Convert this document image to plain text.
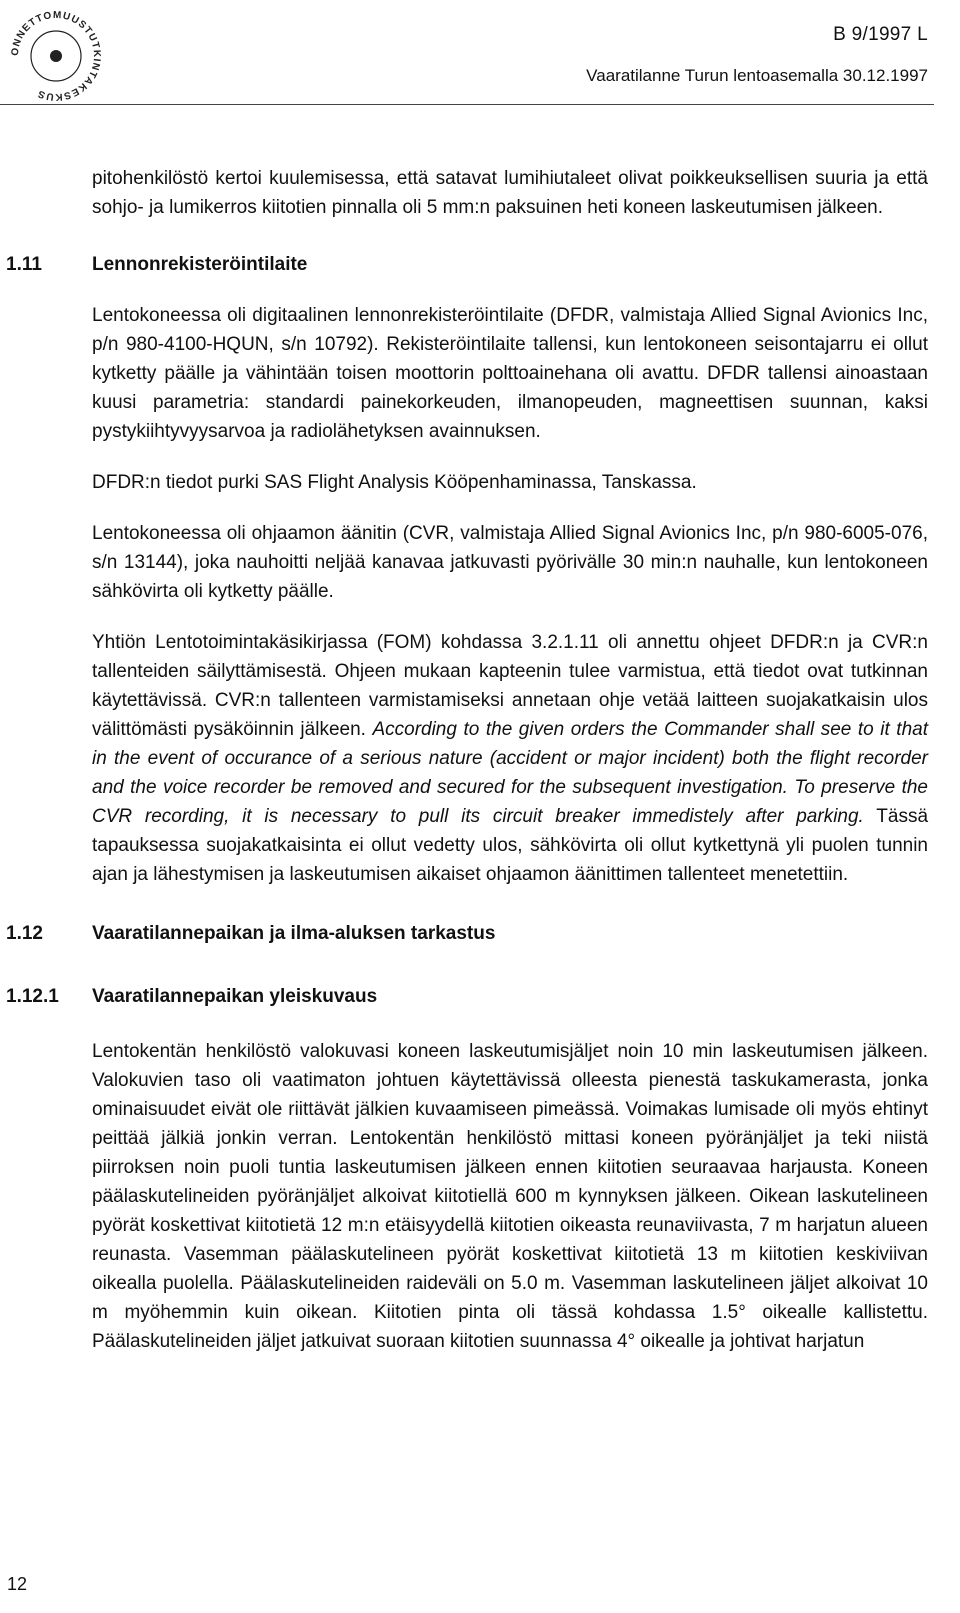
ONNETTOMUUSTUTKINTAKESKUS
B 9/1997 L
Vaaratilanne Turun lentoasemalla 30.12.1997

pitohenkilöstö kertoi kuulemisessa, että satavat lumihiutaleet olivat poikkeuksellisen suuria ja että sohjo- ja lumikerros kiitotien pinnalla oli 5 mm:n paksuinen heti koneen laskeutumisen jälkeen.

1.11	Lennonrekisteröintilaite

Lentokoneessa oli digitaalinen lennonrekisteröintilaite (DFDR, valmistaja Allied Signal Avionics Inc, p/n 980-4100-HQUN, s/n 10792). Rekisteröintilaite tallensi, kun lentokoneen seisontajarru ei ollut kytketty päälle ja vähintään toisen moottorin polttoainehana oli avattu. DFDR tallensi ainoastaan kuusi parametria: standardi painekorkeuden, ilmanopeuden, magneettisen suunnan, kaksi pystykiihtyvyysarvoa ja radiolähetyksen avainnuksen.

DFDR:n tiedot purki SAS Flight Analysis Kööpenhaminassa, Tanskassa.

Lentokoneessa oli ohjaamon äänitin (CVR, valmistaja Allied Signal Avionics Inc, p/n 980-6005-076, s/n 13144), joka nauhoitti neljää kanavaa jatkuvasti pyörivälle 30 min:n nauhalle, kun lentokoneen sähkövirta oli kytketty päälle.

Yhtiön Lentotoimintakäsikirjassa (FOM) kohdassa 3.2.1.11 oli annettu ohjeet DFDR:n ja CVR:n tallenteiden säilyttämisestä. Ohjeen mukaan kapteenin tulee varmistua, että tiedot ovat tutkinnan käytettävissä. CVR:n tallenteen varmistamiseksi annetaan ohje vetää laitteen suojakatkaisin ulos välittömästi pysäköinnin jälkeen. According to the given orders the Commander shall see to it that in the event of occurance of a serious nature (accident or major incident) both the flight recorder and the voice recorder be removed and secured for the subsequent investigation. To preserve the CVR recording, it is necessary to pull its circuit breaker immedistely after parking. Tässä tapauksessa suojakatkaisinta ei ollut vedetty ulos, sähkövirta oli ollut kytkettynä yli puolen tunnin ajan ja lähestymisen ja laskeutumisen aikaiset ohjaamon äänittimen tallenteet menetettiin.

1.12	Vaaratilannepaikan ja ilma-aluksen tarkastus
1.12.1 Vaaratilannepaikan yleiskuvaus

Lentokentän henkilöstö valokuvasi koneen laskeutumisjäljet noin 10 min laskeutumisen jälkeen. Valokuvien taso oli vaatimaton johtuen käytettävissä olleesta pienestä taskukamerasta, jonka ominaisuudet eivät ole riittävät jälkien kuvaamiseen pimeässä. Voimakas lumisade oli myös ehtinyt peittää jälkiä jonkin verran. Lentokentän henkilöstö mittasi koneen pyöränjäljet ja teki niistä piirroksen noin puoli tuntia laskeutumisen jälkeen ennen kiitotien seuraavaa harjausta. Koneen päälaskutelineiden pyöränjäljet alkoivat kiitotiellä 600 m kynnyksen jälkeen. Oikean laskutelineen pyörät koskettivat kiitotietä 12 m:n etäisyydellä kiitotien oikeasta reunaviivasta, 7 m harjatun alueen reunasta. Vasemman päälaskutelineen pyörät koskettivat kiitotietä 13 m kiitotien keskiviivan oikealla puolella. Päälaskutelineiden raideväli on 5.0 m. Vasemman laskutelineen jäljet alkoivat 10 m myöhemmin kuin oikean. Kiitotien pinta oli tässä kohdassa 1.5° oikealle kallistettu. Päälaskutelineiden jäljet jatkuivat suoraan kiitotien suunnassa 4° oikealle ja johtivat harjatun

12
